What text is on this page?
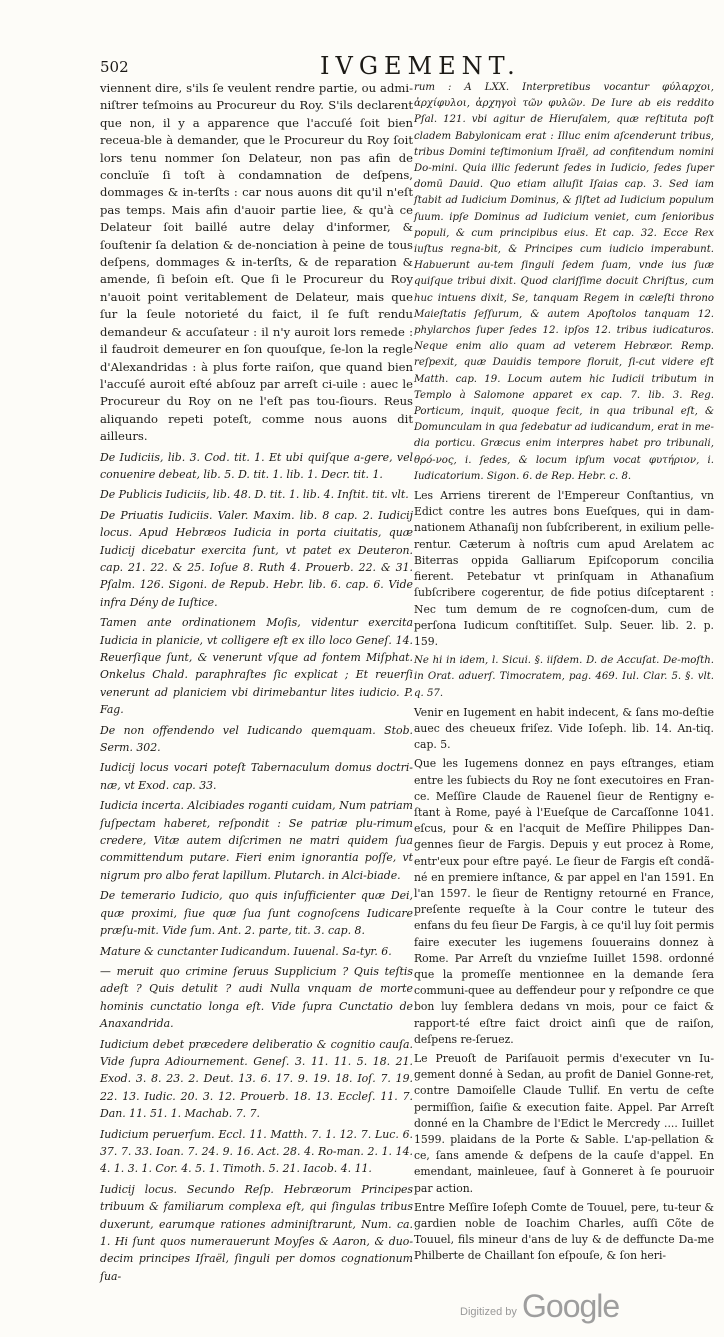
502	IVGEMENT.

viennent dire, s'ils ſe veulent rendre partie, ou admi-niſtrer teſmoins au Procureur du Roy. S'ils declarent que non, il y a apparence que l'accuſé ſoit bien receua-ble à demander, que le Procureur du Roy ſoit lors tenu nommer ſon Delateur, non pas afin de concluïe ſi toſt à condamnation de deſpens, dommages & in-terſts : car nous auons dit qu'il n'eſt pas temps. Mais afin d'auoir partie liee, & qu'à ce Delateur ſoit baillé autre delay d'informer, & ſouſtenir ſa delation & de-nonciation à peine de tous deſpens, dommages & in-terſts, & de reparation & amende, ſi beſoin eſt. Que ſi le Procureur du Roy n'auoit point veritablement de Delateur, mais que ſur la ſeule notorieté du faict, il ſe fuſt rendu demandeur & accuſateur : il n'y auroit lors remede : il faudroit demeurer en ſon quouſque, ſe-lon la regle d'Alexandridas : à plus forte raiſon, que quand bien l'accuſé auroit eſté abſouz par arreſt ci-uile : auec le Procureur du Roy on ne l'eſt pas tou-ſiours. Reus aliquando repeti poteſt, comme nous auons dit ailleurs.

De Iudiciis, lib. 3. Cod. tit. 1. Et ubi quiſque a-gere, vel conuenire debeat, lib. 5. D. tit. 1. lib. 1. Decr. tit. 1.

De Publicis Iudiciis, lib. 48. D. tit. 1. lib. 4. Inſtit. tit. vlt.

De Priuatis Iudiciis. Valer. Maxim. lib. 8 cap. 2. Iudicij locus. Apud Hebræos Iudicia in porta ciuitatis, quæ Iudicij dicebatur exercita ſunt, vt patet ex Deuteron. cap. 21. 22. & 25. Ioſue 8. Ruth 4. Prouerb. 22. & 31. Pſalm. 126. Sigoni. de Repub. Hebr. lib. 6. cap. 6. Vide infra Dény de Iuſtice.

Tamen ante ordinationem Moſis, videntur exercita Iudicia in planicie, vt colligere eſt ex illo loco Geneſ. 14. Reuerſique ſunt, & venerunt vſque ad fontem Miſphat. Onkelus Chald. paraphraſtes ſic explicat ; Et reuerſi venerunt ad planiciem vbi dirimebantur lites iudicio. P. Fag.

De non offendendo vel Iudicando quemquam. Stob. Serm. 302.

Iudicij locus vocari poteſt Tabernaculum domus doctri-næ, vt Exod. cap. 33.

Iudicia incerta. Alcibiades roganti cuidam, Num patriam ſuſpectam haberet, reſpondit : Se patriæ plu-rimum credere, Vitæ autem diſcrimen ne matri quidem ſua committendum putare. Fieri enim ignorantia poſſe, vt nigrum pro albo ferat lapillum. Plutarch. in Alci-biade.

De temerario Iudicio, quo quis inſufficienter quæ Dei, quæ proximi, ſiue quæ ſua ſunt cognoſcens Iudicare præſu-mit. Vide ſum. Ant. 2. parte, tit. 3. cap. 8.

Mature & cunctanter Iudicandum. Iuuenal. Sa-tyr. 6.

— meruit quo crimine ſeruus Supplicium ? Quis teſtis adeſt ? Quis detulit ? audi Nulla vnquam de morte hominis cunctatio longa eſt. Vide ſupra Cunctatio de Anaxandrida.

Iudicium debet præcedere deliberatio & cognitio cauſa. Vide ſupra Adiournement. Geneſ. 3. 11. 11. 5. 18. 21. Exod. 3. 8. 23. 2. Deut. 13. 6. 17. 9. 19. 18. Ioſ. 7. 19. 22. 13. Iudic. 20. 3. 12. Prouerb. 18. 13. Eccleſ. 11. 7. Dan. 11. 51. 1. Machab. 7. 7.

Iudicium peruerſum. Eccl. 11. Matth. 7. 1. 12. 7. Luc. 6. 37. 7. 33. Ioan. 7. 24. 9. 16. Act. 28. 4. Ro-man. 2. 1. 14. 4. 1. 3. 1. Cor. 4. 5. 1. Timoth. 5. 21. Iacob. 4. 11.

Iudicij locus. Secundo Reſp. Hebræorum Principes tribuum & familiarum complexa eſt, qui ſingulas tribus duxerunt, earumque rationes adminiſtrarunt, Num. ca. 1. Hi ſunt quos numerauerunt Moyſes & Aaron, & duo-decim principes Iſraël, ſinguli per domos cognationum ſua-

rum : A LXX. Interpretibus vocantur φύλαρχοι, ἀρχίφυλοι, ἀρχηγοὶ τῶν φυλῶν. De Iure ab eis reddito Pſal. 121. vbi agitur de Hieruſalem, quæ reſtituta poſt cladem Babylonicam erat : Illuc enim aſcenderunt tribus, tribus Domini teſtimonium Iſraël, ad confitendum nomini Do-mini. Quia illic ſederunt ſedes in Iudicio, ſedes ſuper domū Dauid. Quo etiam alluſit Iſaias cap. 3. Sed iam ſtabit ad Iudicium Dominus, & ſiſtet ad Iudicium populum ſuum. ipſe Dominus ad Iudicium veniet, cum ſenioribus populi, & cum principibus eius. Et cap. 32. Ecce Rex iuſtus regna-bit, & Principes cum iudicio imperabunt. Habuerunt au-tem ſinguli ſedem ſuam, vnde ius ſuæ quiſque tribui dixit. Quod clariſſime docuit Chriſtus, cum huc intuens dixit, Se, tanquam Regem in cæleſti throno Maieſtatis ſeſſurum, & autem Apoſtolos tanquam 12. phylarchos ſuper ſedes 12. ipſos 12. tribus iudicaturos. Neque enim alio quam ad veterem Hebræor. Remp. reſpexit, quæ Dauidis tempore floruit, ſi-cut videre eſt Matth. cap. 19. Locum autem hic Iudicii tributum in Templo à Salomone apparet ex cap. 7. lib. 3. Reg. Porticum, inquit, quoque fecit, in qua tribunal eſt, & Domunculam in qua ſedebatur ad iudicandum, erat in me-dia porticu. Græcus enim interpres habet pro tribunali, θρό-νος, i. ſedes, & locum ipſum vocat φυτήριον, i. Iudicatorium. Sigon. 6. de Rep. Hebr. c. 8.

Les Arriens tirerent de l'Empereur Conſtantius, vn Edict contre les autres bons Eueſques, qui in dam-nationem Athanaſij non ſubſcriberent, in exilium pelle-rentur. Cæterum à noſtris cum apud Arelatem ac Biterras oppida Galliarum Epiſcoporum concilia fierent. Petebatur vt prinſquam in Athanaſium ſubſcribere cogerentur, de fide potius diſceptarent : Nec tum demum de re cognoſcen-dum, cum de perſona Iudicum conſtitiſſet. Sulp. Seuer. lib. 2. p. 159.

Ne hi in idem, l. Sicui. §. iiſdem. D. de Accuſat. De-moſth. in Orat. aduerſ. Timocratem, pag. 469. Iul. Clar. 5. §. vlt. q. 57.

Venir en Iugement en habit indecent, & ſans mo-deſtie auec des cheueux friſez. Vide Ioſeph. lib. 14. An-tiq. cap. 5.

Que les Iugemens donnez en pays eſtranges, etiam entre les ſubiects du Roy ne ſont executoires en Fran-ce. Meſſire Claude de Rauenel ſieur de Rentigny e-ſtant à Rome, payé à l'Eueſque de Carcaſſonne 1041. eſcus, pour & en l'acquit de Meſſire Philippes Dan-gennes ſieur de Fargis. Depuis y eut procez à Rome, entr'eux pour eſtre payé. Le ſieur de Fargis eſt condã-né en premiere inſtance, & par appel en l'an 1591. En l'an 1597. le ſieur de Rentigny retourné en France, preſente requeſte à la Cour contre le tuteur des enfans du feu ſieur De Fargis, à ce qu'il luy ſoit permis faire executer les iugemens ſouuerains donnez à Rome. Par Arreſt du vnzieſme Iuillet 1598. ordonné que la promeſſe mentionnee en la demande ſera communi-quee au deffendeur pour y reſpondre ce que bon luy ſemblera dedans vn mois, pour ce faict & rapport-té eſtre faict droict ainſi que de raiſon, deſpens re-ſeruez.

Le Preuoſt de Pariſauoit permis d'executer vn Iu-gement donné à Sedan, au profit de Daniel Gonne-ret, contre Damoiſelle Claude Tullif. En vertu de ceſte permiſſion, ſaiſie & execution faite. Appel. Par Arreſt donné en la Chambre de l'Edict le Mercredy .... Iuillet 1599. plaidans de la Porte & Sable. L'ap-pellation & ce, ſans amende & deſpens de la cauſe d'appel. En emendant, mainleuee, ſauf à Gonneret à ſe pouruoir par action.

Entre Meſſire Ioſeph Comte de Touuel, pere, tu-teur & gardien noble de Ioachim Charles, auſſi Cõte de Touuel, fils mineur d'ans de luy & de deffuncte Da-me Philberte de Chaillant ſon eſpouſe, & ſon heri-

Digitized by Google
